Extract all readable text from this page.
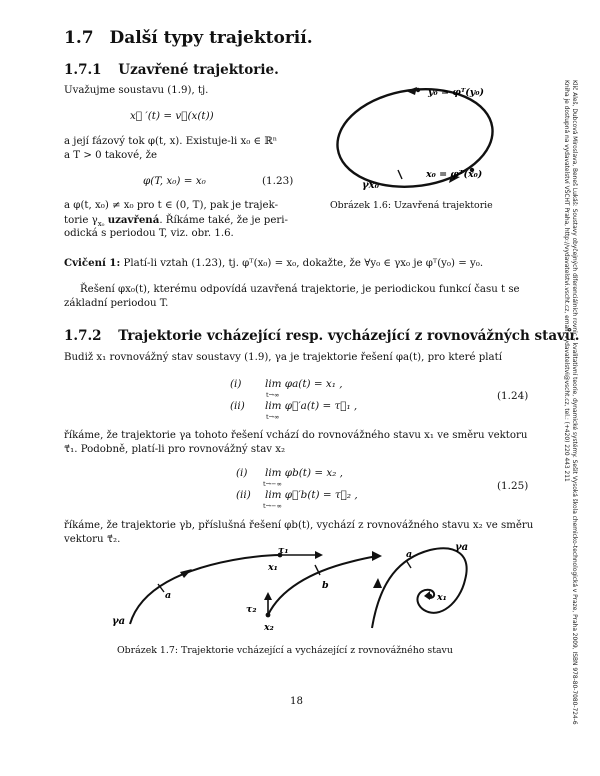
1.7 Další typy trajektorií.
1.7.1 Uzavřené trajektorie.
Uvažujme soustavu (1.9), tj.
x⃗ ′(t) = v⃗(x(t))
a její fázový tok φ(t, x). Existuje-li x₀ ∈ ℝⁿ
a T > 0 takové, že
φ(T, x₀) = x₀	(1.23)
a φ(t, x₀) ≠ x₀ pro t ∈ (0, T), pak je trajek-
torie $\gamma_{x_0}$ uzavřená. Říkáme také, že je peri-
odická s periodou T, viz. obr. 1.6.
y₀ = φᵀ(y₀)
x₀ = φᵀ(x₀)
γx₀
Obrázek 1.6: Uzavřená trajektorie
Cvičení 1: Platí-li vztah (1.23), tj. φᵀ(x₀) = x₀, dokažte, že ∀y₀ ∈ γx₀ je φᵀ(y₀) = y₀.
Řešení φx₀(t), kterému odpovídá uzavřená trajektorie, je periodickou funkcí času t se
základní periodou T.
1.7.2 Trajektorie vcházející resp. vycházející z rovnovážných stavů.
Budiž x₁ rovnovážný stav soustavy (1.9), γa je trajektorie řešení φa(t), pro které platí
(i) lim φa(t) = x₁ ,
t→∞
(ii) lim φ⃗′a(t) = τ⃗₁ ,
t→∞
(1.24)
říkáme, že trajektorie γa tohoto řešení vchází do rovnovážného stavu x₁ ve směru vektoru
τ⃗₁. Podobně, platí-li pro rovnovážný stav x₂
(i) lim φb(t) = x₂ ,
t→−∞
(ii) lim φ⃗′b(t) = τ⃗₂ ,
t→−∞
(1.25)
říkáme, že trajektorie γb, příslušná řešení φb(t), vychází z rovnovážného stavu x₂ ve směru
vektoru τ⃗₂.
τ₁
x₁
a
γa
τ₂
x₂
b
a
γa
x₁
Obrázek 1.7: Trajektorie vcházející a vycházející z rovnovážného stavu
18	Klíč Aleš, Dubcová Miroslava, Beneš Lukáš: Soustavy obyčejných diferenciálních rovnic – kvalitativní teorie, dynamické systémy. Sešit Vysoká škola chemicko-technologická v Praze, Praha 2009, ISBN 978-80-7080-724-6
Kniha je dostupná na vydavatelství VŠCHT Praha, http://vydavatelstvi.vscht.cz, email: vydavatelstvi@vscht.cz, tel.: (+420) 220 443 211
